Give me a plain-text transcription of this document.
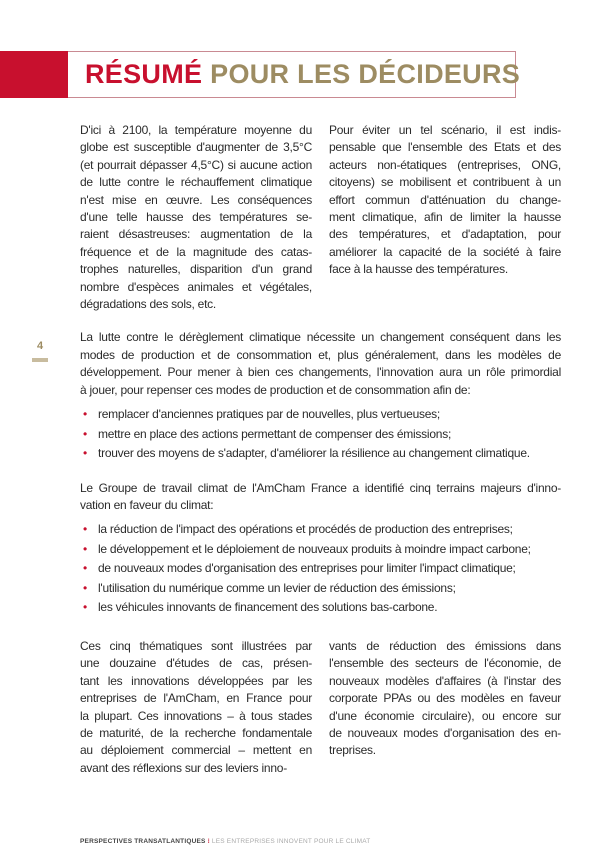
RÉSUMÉ POUR LES DÉCIDEURS
4
D'ici à 2100, la température moyenne du
globe est susceptible d'augmenter de 3,5°C
(et pourrait dépasser 4,5°C) si aucune action
de lutte contre le réchauffement climatique
n'est mise en œuvre. Les conséquences
d'une telle hausse des températures se-
raient désastreuses: augmentation de la
fréquence et de la magnitude des catas-
trophes naturelles, disparition d'un grand
nombre d'espèces animales et végétales,
dégradations des sols, etc.
Pour éviter un tel scénario, il est indis-
pensable que l'ensemble des Etats et des
acteurs non-étatiques (entreprises, ONG,
citoyens) se mobilisent et contribuent à un
effort commun d'atténuation du change-
ment climatique, afin de limiter la hausse
des températures, et d'adaptation, pour
améliorer la capacité de la société à faire
face à la hausse des températures.
La lutte contre le dérèglement climatique nécessite un changement conséquent dans les
modes de production et de consommation et, plus généralement, dans les modèles de
développement. Pour mener à bien ces changements, l'innovation aura un rôle primordial
à jouer, pour repenser ces modes de production et de consommation afin de:
• remplacer d'anciennes pratiques par de nouvelles, plus vertueuses;
• mettre en place des actions permettant de compenser des émissions;
• trouver des moyens de s'adapter, d'améliorer la résilience au changement climatique.
Le Groupe de travail climat de l'AmCham France a identifié cinq terrains majeurs d'inno-
vation en faveur du climat:
• la réduction de l'impact des opérations et procédés de production des entreprises;
• le développement et le déploiement de nouveaux produits à moindre impact carbone;
• de nouveaux modes d'organisation des entreprises pour limiter l'impact climatique;
• l'utilisation du numérique comme un levier de réduction des émissions;
• les véhicules innovants de financement des solutions bas-carbone.
Ces cinq thématiques sont illustrées par
une douzaine d'études de cas, présen-
tant les innovations développées par les
entreprises de l'AmCham, en France pour
la plupart. Ces innovations – à tous stades
de maturité, de la recherche fondamentale
au déploiement commercial – mettent en
avant des réflexions sur des leviers inno-
vants de réduction des émissions dans
l'ensemble des secteurs de l'économie, de
nouveaux modèles d'affaires (à l'instar des
corporate PPAs ou des modèles en faveur
d'une économie circulaire), ou encore sur
de nouveaux modes d'organisation des en-
treprises.
PERSPECTIVES TRANSATLANTIQUES ⁝ LES ENTREPRISES INNOVENT POUR LE CLIMAT
